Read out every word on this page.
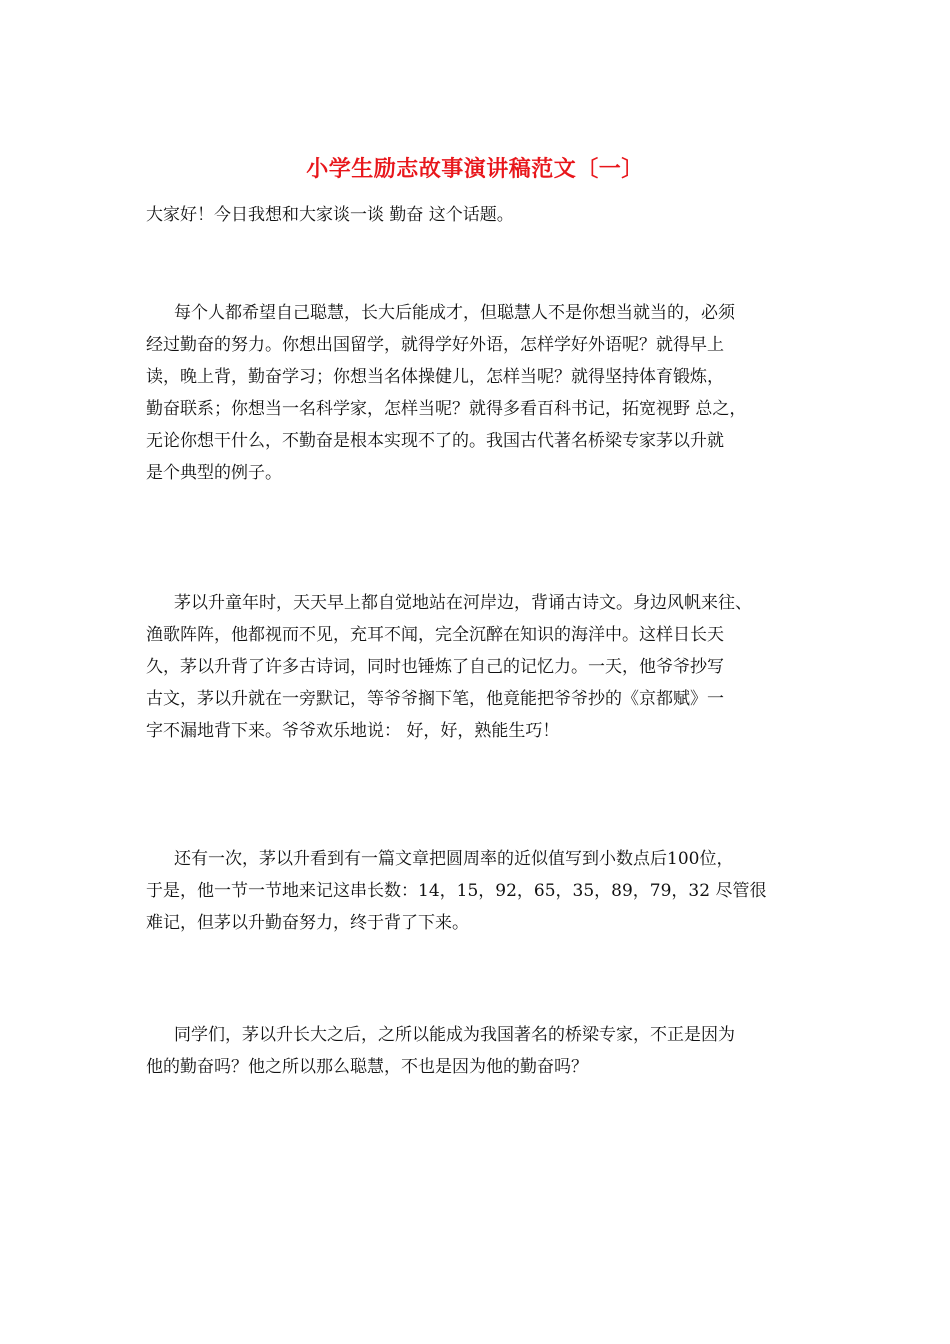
小学生励志故事演讲稿范文〔一〕
大家好！今日我想和大家谈一谈 勤奋 这个话题。
每个人都希望自己聪慧，长大后能成才，但聪慧人不是你想当就当的，必须
经过勤奋的努力。你想出国留学，就得学好外语，怎样学好外语呢？就得早上
读，晚上背，勤奋学习；你想当名体操健儿，怎样当呢？就得坚持体育锻炼，
勤奋联系；你想当一名科学家，怎样当呢？就得多看百科书记，拓宽视野 总之，
无论你想干什么，不勤奋是根本实现不了的。我国古代著名桥梁专家茅以升就
是个典型的例子。
茅以升童年时，天天早上都自觉地站在河岸边，背诵古诗文。身边风帆来往、
渔歌阵阵，他都视而不见，充耳不闻，完全沉醉在知识的海洋中。这样日长天
久，茅以升背了许多古诗词，同时也锤炼了自己的记忆力。一天，他爷爷抄写
古文，茅以升就在一旁默记，等爷爷搁下笔，他竟能把爷爷抄的《京都赋》一
字不漏地背下来。爷爷欢乐地说： 好，好，熟能生巧！
还有一次，茅以升看到有一篇文章把圆周率的近似值写到小数点后100位，
于是，他一节一节地来记这串长数：14，15，92，65，35，89，79，32 尽管很
难记，但茅以升勤奋努力，终于背了下来。
同学们，茅以升长大之后，之所以能成为我国著名的桥梁专家，不正是因为
他的勤奋吗？他之所以那么聪慧，不也是因为他的勤奋吗？
